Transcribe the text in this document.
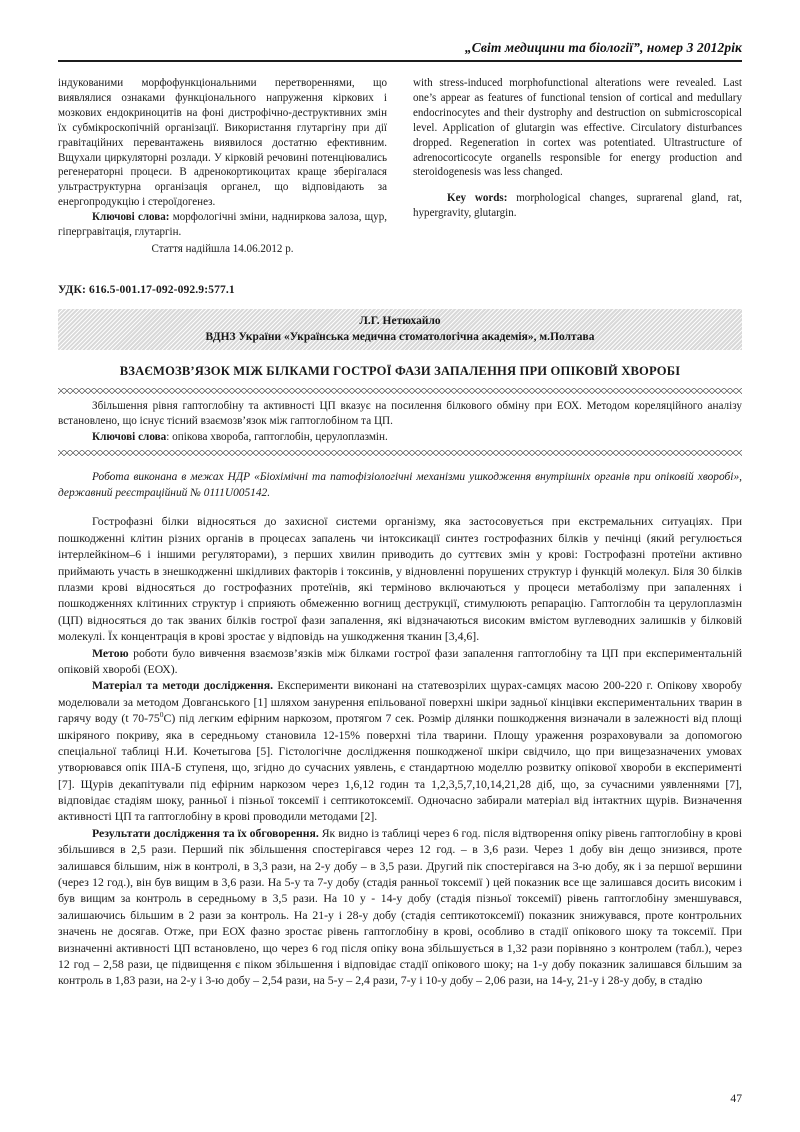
„Світ медицини та біології”, номер 3 2012рік

індукованими морфофункціональними перетвореннями, що виявлялися ознаками функціонального напруження кіркових і мозкових ендокриноцитів на фоні дистрофічно-деструктивних змін їх субмікроскопічній організації. Використання глутаргіну при дії гравітаційних перевантажень виявилося достатню ефективним. Вщухали циркуляторні розлади. У кірковій речовині потенціювались регенераторні процеси. В адренокортикоцитах краще зберігалася ультраструктурна організація органел, що відповідають за енергопродукцію і стероїдогенез.

Ключові слова: морфологічні зміни, надниркова залоза, щур, гіпергравітація, глутаргін.

Стаття надійшла 14.06.2012 р.

with stress-induced morphofunctional alterations were revealed. Last one’s appear as features of functional tension of cortical and medullary endocrinocytes and their dystrophy and destruction on submicroscopical level. Application of glutargin was effective. Circulatory disturbances dropped. Regeneration in cortex was potentiated. Ultrastructure of adrenocorticocyte organells responsible for energy production and steroidogenesis was less changed.

Key words: morphological changes, suprarenal gland, rat, hypergravity, glutargin.

УДК: 616.5-001.17-092-092.9:577.1
Л.Г. Нетюхайло
ВДНЗ України «Українська медична стоматологічна академія», м.Полтава
ВЗАЄМОЗВ’ЯЗОК МІЖ БІЛКАМИ ГОСТРОЇ ФАЗИ ЗАПАЛЕННЯ ПРИ ОПІКОВІЙ ХВОРОБІ

Збільшення рівня гаптоглобіну та активності ЦП вказує на посилення білкового обміну при ЕОХ. Методом кореляційного аналізу встановлено, що існує тісний взаємозв’язок між гаптоглобіном та ЦП.

Ключові слова: опікова хвороба, гаптоглобін, церулоплазмін.

Робота виконана в межах НДР «Біохімічні та патофізіологічні механізми ушкодження внутрішніх органів при опіковій хворобі», державний реєстраційний № 0111U005142.

Гострофазні білки відносяться до захисної системи організму, яка застосовується при екстремальних ситуаціях. При пошкодженні клітин різних органів в процесах запалень чи інтоксикації синтез гострофазних білків у печінці (який регулюється інтерлейкіном–6 і іншими регуляторами), з перших хвилин приводить до суттєвих змін у крові: Гострофазні протеїни активно приймають участь в знешкодженні шкідливих факторів і токсинів, у відновленні порушених структур і функцій молекул. Біля 30 білків плазми крові відносяться до гострофазних протеїнів, які терміново включаються у процеси метаболізму при запаленнях і пошкодженнях клітинних структур і сприяють обмеженню вогнищ деструкції, стимулюють репарацію. Гаптоглобін та церулоплазмін (ЦП) відносяться до так званих білків гострої фази запалення, які відзначаються високим вмістом вуглеводних залишків у білковій молекулі. Їх концентрація в крові зростає у відповідь на ушкодження тканин [3,4,6].

Метою роботи було вивчення взаємозв’язків між білками гострої фази запалення гаптоглобіну та ЦП при експериментальній опіковій хворобі (ЕОХ).

Матеріал та методи дослідження. Експерименти виконані на статевозрілих щурах-самцях масою 200-220 г. Опікову хворобу моделювали за методом Довганського [1] шляхом занурення епільованої поверхні шкіри задньої кінцівки експериментальних тварин в гарячу воду (t $70-75^0С$) під легким ефірним наркозом, протягом 7 сек. Розмір ділянки пошкодження визначали в залежності від площі шкіряного покриву, яка в середньому становила 12-15% поверхні тіла тварини. Площу ураження розраховували за допомогою спеціальної таблиці Н.И. Кочетыгова [5]. Гістологічне дослідження пошкодженої шкіри свідчило, що при вищезазначених умовах утворювався опік ІІІА-Б ступеня, що, згідно до сучасних уявлень, є стандартною моделлю розвитку опікової хвороби в експерименті [7]. Щурів декапітували під ефірним наркозом через 1,6,12 годин та 1,2,3,5,7,10,14,21,28 діб, що, за сучасними уявленнями [7], відповідає стадіям шоку, ранньої і пізньої токсемії і септикотоксемії. Одночасно забирали матеріал від інтактних щурів. Визначення активності ЦП та гаптоглобіну в крові проводили методами [2].

Результати дослідження та їх обговорення. Як видно із таблиці через 6 год. після відтворення опіку рівень гаптоглобіну в крові збільшився в 2,5 рази. Перший пік збільшення спостерігався через 12 год. – в 3,6 рази. Через 1 добу він дещо знизився, проте залишався більшим, ніж в контролі, в 3,3 рази, на 2-у добу – в 3,5 рази. Другий пік спостерігався на 3-ю добу, як і за першої вершини (через 12 год.), він був вищим в 3,6 рази. На 5-у та 7-у добу (стадія ранньої токсемії ) цей показник все ще залишався досить високим і був вищим за контроль в середньому в 3,5 рази. На 10 у - 14-у добу (стадія пізньої токсемії) рівень гаптоглобіну зменшувався, залишаючись більшим в 2 рази за контроль. На 21-у і 28-у добу (стадія септикотоксемії) показник знижувався, проте контрольних значень не досягав. Отже, при ЕОХ фазно зростає рівень гаптоглобіну в крові, особливо в стадії опікового шоку та токсемії. При визначенні активності ЦП встановлено, що через 6 год після опіку вона збільшується в 1,32 рази порівняно з контролем (табл.), через 12 год – 2,58 рази, це підвищення є піком збільшення і відповідає стадії опікового шоку; на 1-у добу показник залишався більшим за контроль в 1,83 рази, на 2-у і 3-ю добу – 2,54 рази, на 5-у – 2,4 рази, 7-у і 10-у добу – 2,06 рази, на 14-у, 21-у і 28-у добу, в стадію

47
